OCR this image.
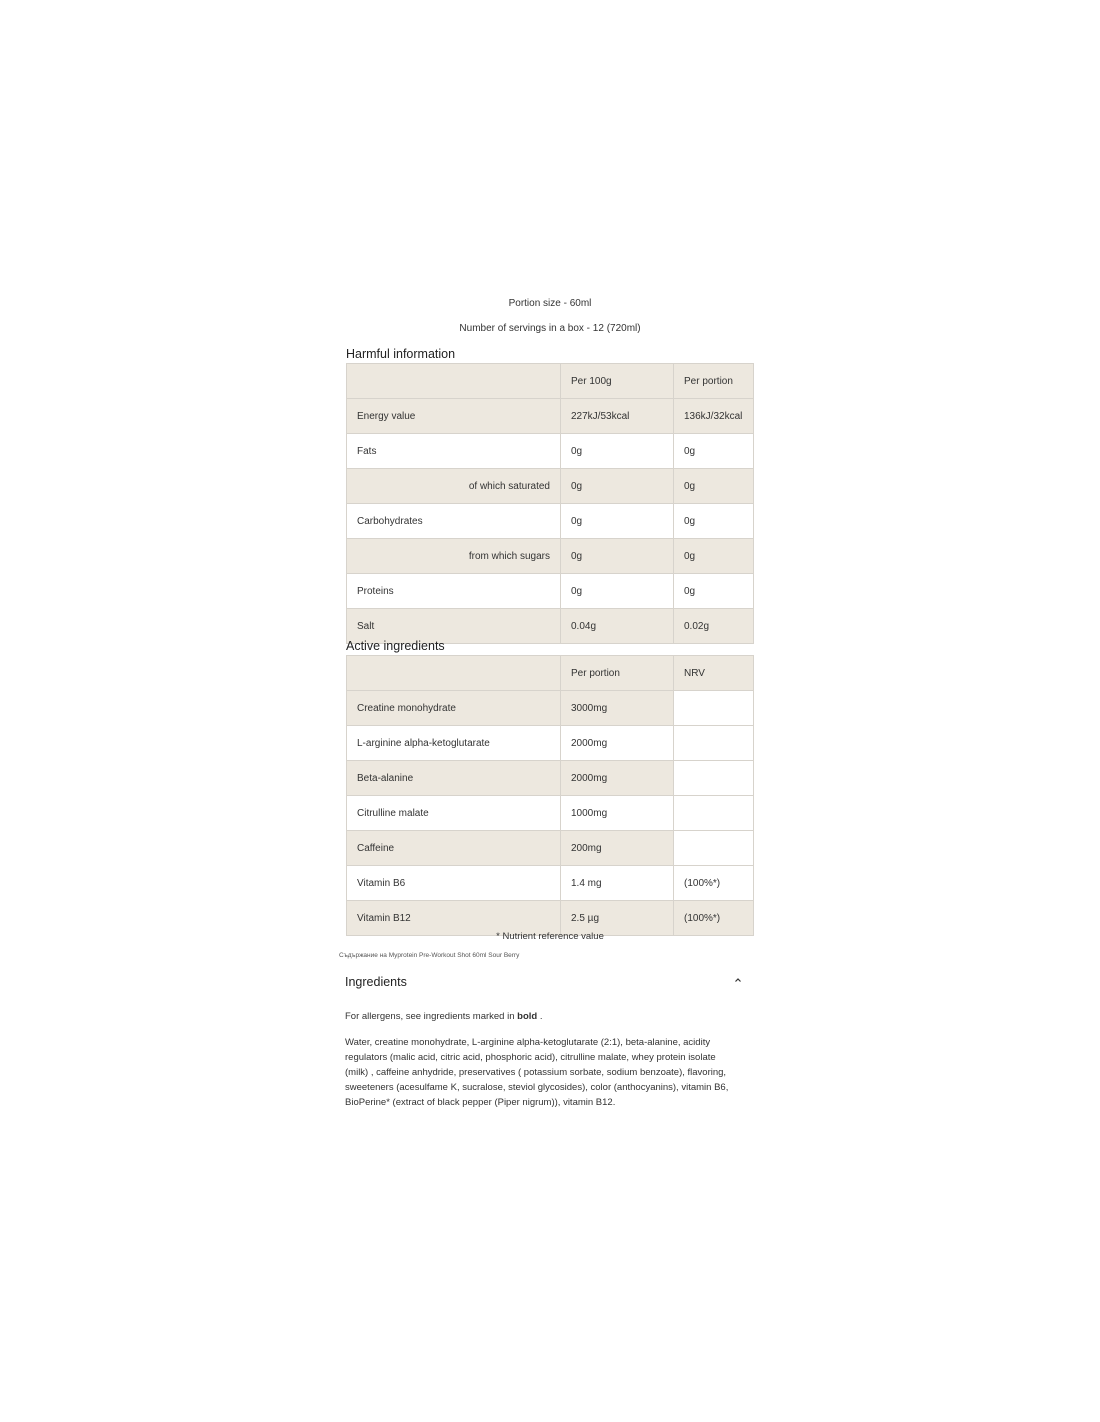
Portion size - 60ml
Number of servings in a box - 12 (720ml)
Harmful information
	Per 100g	Per portion
Energy value	227kJ/53kcal	136kJ/32kcal
Fats	0g	0g
of which saturated	0g	0g
Carbohydrates	0g	0g
from which sugars	0g	0g
Proteins	0g	0g
Salt	0.04g	0.02g
Active ingredients
	Per portion	NRV
Creatine monohydrate	3000mg	
L-arginine alpha-ketoglutarate	2000mg	
Beta-alanine	2000mg	
Citrulline malate	1000mg	
Caffeine	200mg	
Vitamin B6	1.4 mg	(100%*)
Vitamin B12	2.5 µg	(100%*)
* Nutrient reference value
Съдържание на Myprotein Pre-Workout Shot 60ml Sour Berry
Ingredients
For allergens, see ingredients marked in bold .
Water, creatine monohydrate, L-arginine alpha-ketoglutarate (2:1), beta-alanine, acidity regulators (malic acid, citric acid, phosphoric acid), citrulline malate, whey protein isolate (milk) , caffeine anhydride, preservatives ( potassium sorbate, sodium benzoate), flavoring, sweeteners (acesulfame K, sucralose, steviol glycosides), color (anthocyanins), vitamin B6, BioPerine* (extract of black pepper (Piper nigrum)), vitamin B12.
